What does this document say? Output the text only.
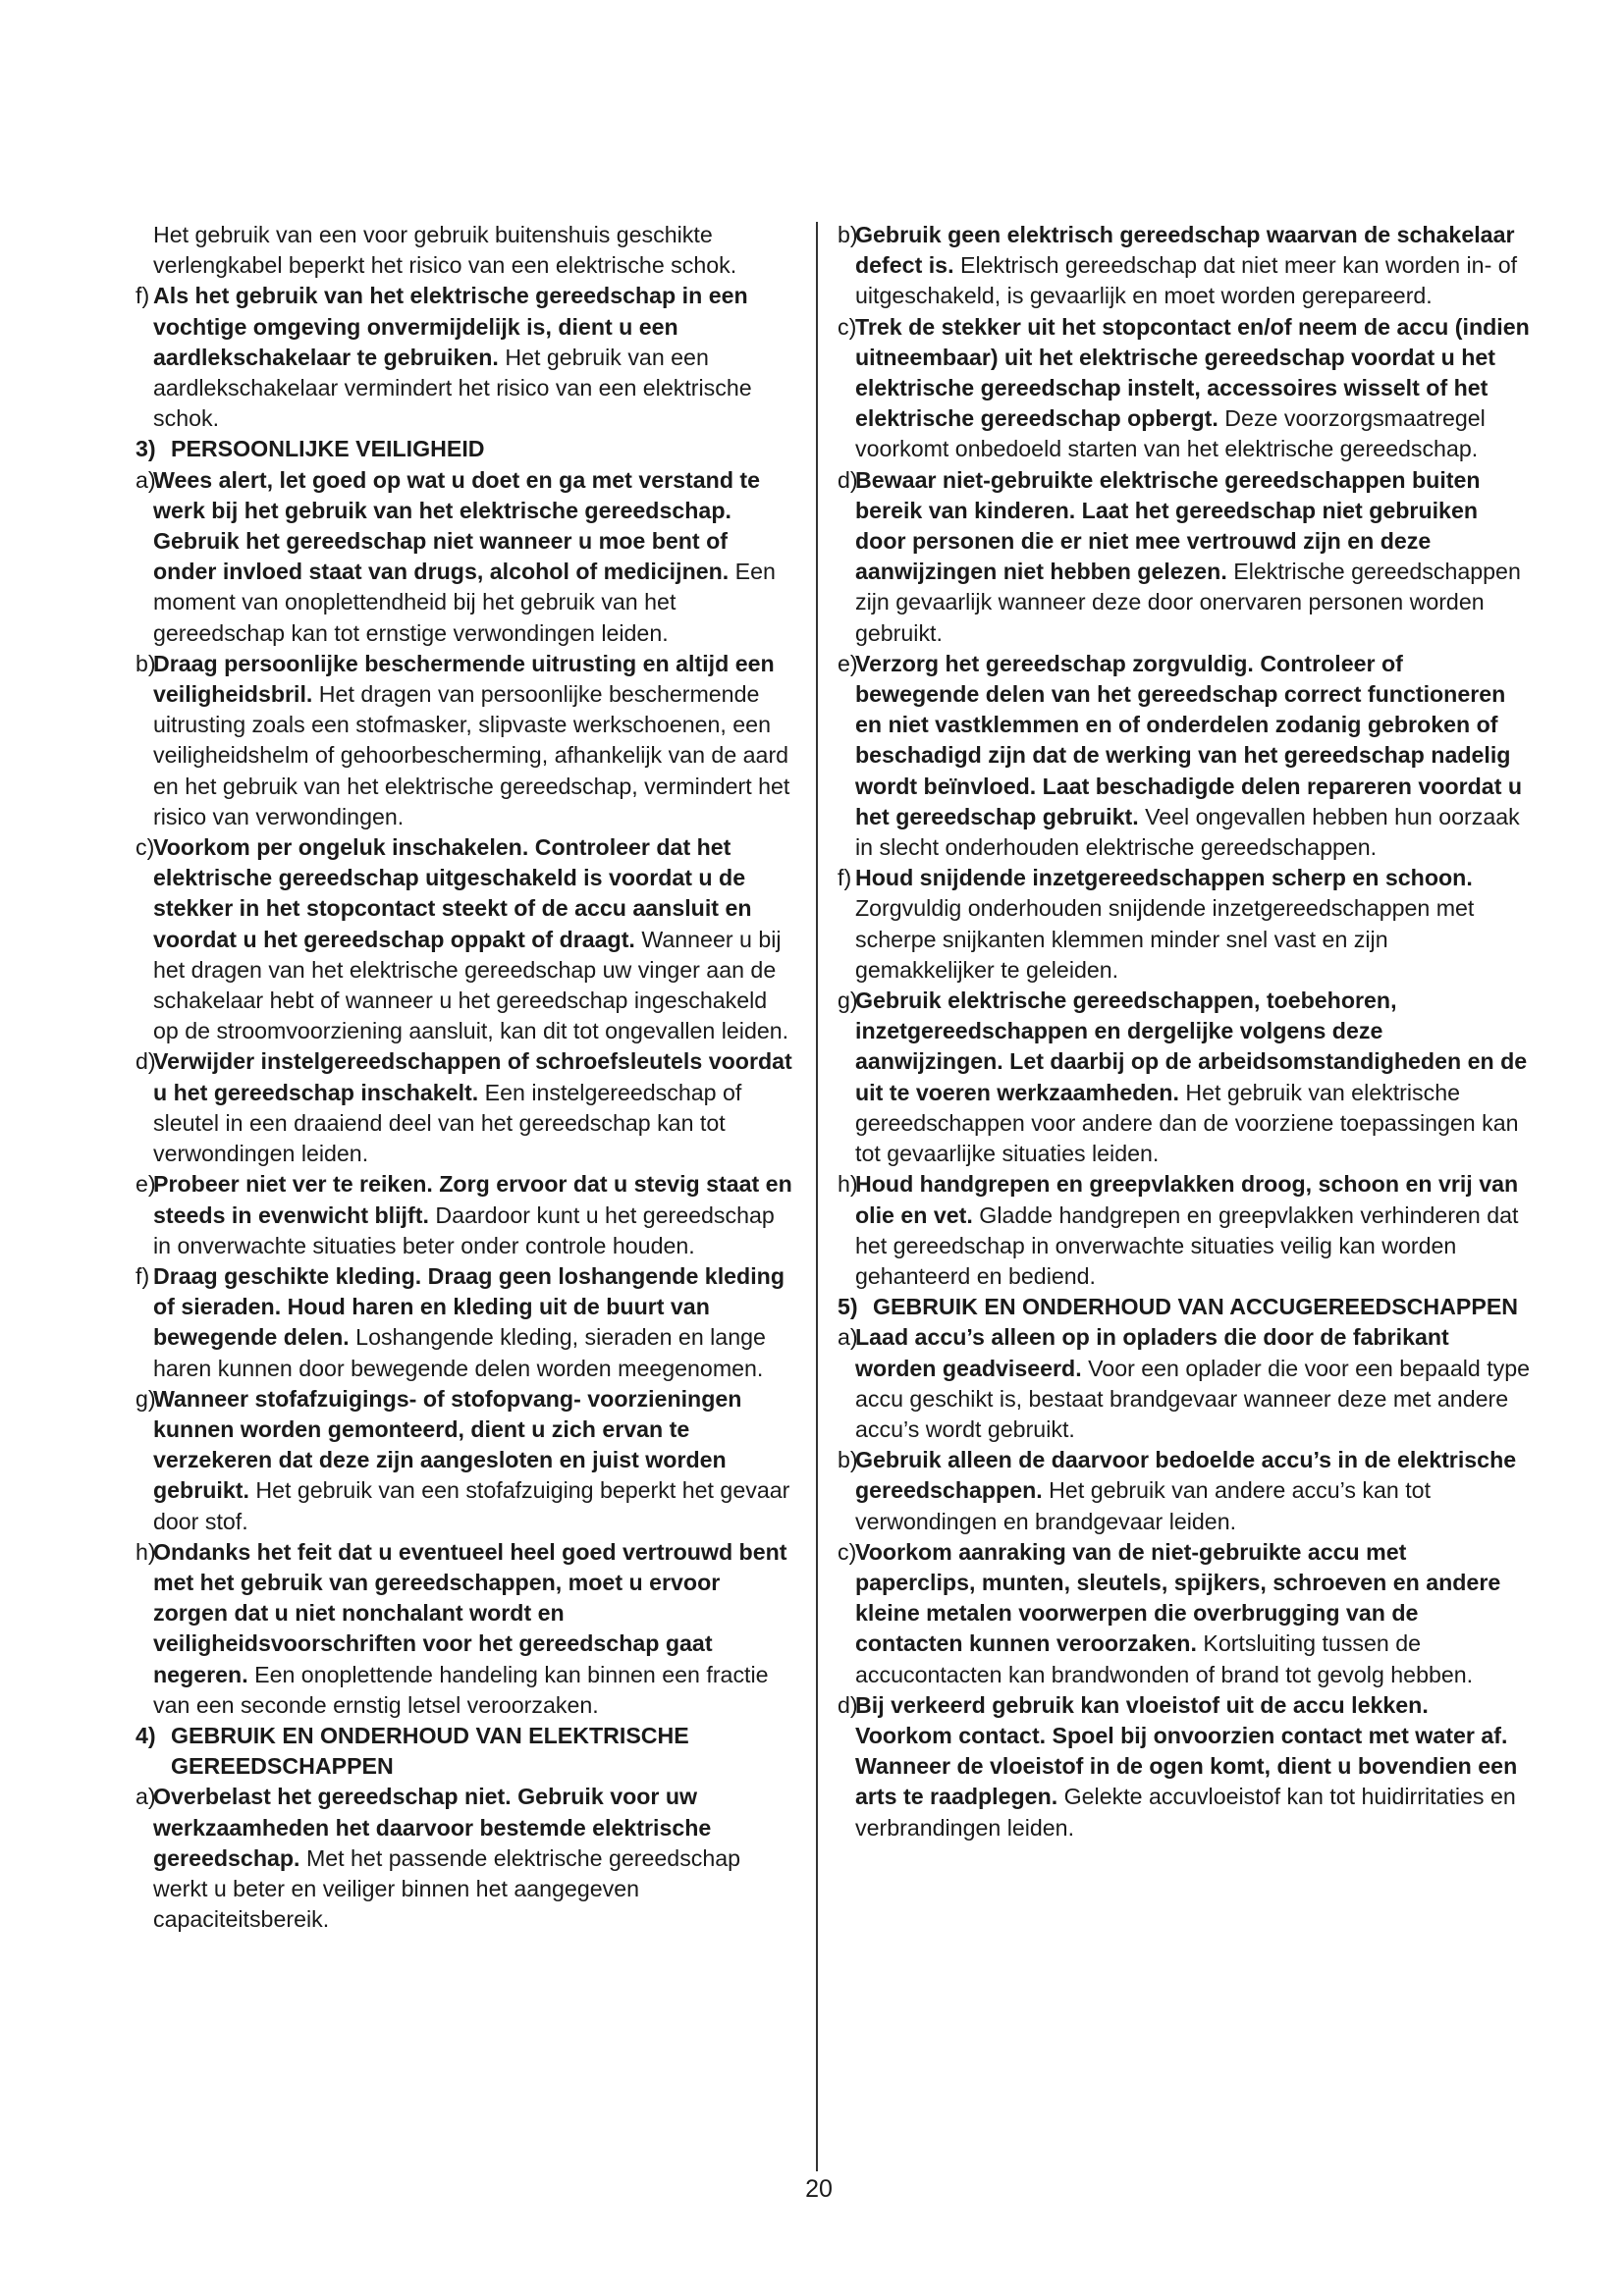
Het gebruik van een voor gebruik buitenshuis geschikte verlengkabel beperkt het risico van een elektrische schok.

f) Als het gebruik van het elektrische gereedschap in een vochtige omgeving onvermijdelijk is, dient u een aardlekschakelaar te gebruiken. Het gebruik van een aardlekschakelaar vermindert het risico van een elektrische schok.
3) PERSOONLIJKE VEILIGHEID
a)
Wees alert, let goed op wat u doet en ga met verstand te werk bij het gebruik van het elektrische gereedschap. Gebruik het gereedschap niet wanneer u moe bent of onder invloed staat van drugs, alcohol of medicijnen. Een moment van onoplettendheid bij het gebruik van het gereedschap kan tot ernstige verwondingen leiden.
b)
Draag persoonlijke beschermende uitrusting en altijd een veiligheidsbril. Het dragen van persoonlijke beschermende uitrusting zoals een stofmasker, slipvaste werkschoenen, een veiligheidshelm of gehoorbescherming, afhankelijk van de aard en het gebruik van het elektrische gereedschap, vermindert het risico van verwondingen.
c)
Voorkom per ongeluk inschakelen. Controleer dat het elektrische gereedschap uitgeschakeld is voordat u de stekker in het stopcontact steekt of de accu aansluit en voordat u het gereedschap oppakt of draagt. Wanneer u bij het dragen van het elektrische gereedschap uw vinger aan de schakelaar hebt of wanneer u het gereedschap ingeschakeld op de stroomvoorziening aansluit, kan dit tot ongevallen leiden.
d)
Verwijder instelgereedschappen of schroefsleutels voordat u het gereedschap inschakelt. Een instelgereedschap of sleutel in een draaiend deel van het gereedschap kan tot verwondingen leiden.
e)
Probeer niet ver te reiken. Zorg ervoor dat u stevig staat en steeds in evenwicht blijft. Daardoor kunt u het gereedschap in onverwachte situaties beter onder controle houden.
f) Draag geschikte kleding. Draag geen loshangende kleding of sieraden. Houd haren en kleding uit de buurt van bewegende delen. Loshangende kleding, sieraden en lange haren kunnen door bewegende delen worden meegenomen.
g)
Wanneer stofafzuigings- of stofopvang- voorzieningen kunnen worden gemonteerd, dient u zich ervan te verzekeren dat deze zijn aangesloten en juist worden gebruikt. Het gebruik van een stofafzuiging beperkt het gevaar door stof.
h)
Ondanks het feit dat u eventueel heel goed vertrouwd bent met het gebruik van gereedschappen, moet u ervoor zorgen dat u niet nonchalant wordt en veiligheidsvoorschriften voor het gereedschap gaat negeren. Een onoplettende handeling kan binnen een fractie van een seconde ernstig letsel veroorzaken.
4) GEBRUIK EN ONDERHOUD VAN ELEKTRISCHE GEREEDSCHAPPEN
a)
Overbelast het gereedschap niet. Gebruik voor uw werkzaamheden het daarvoor bestemde elektrische gereedschap. Met het passende elektrische gereedschap werkt u beter en veiliger binnen het aangegeven capaciteitsbereik.
b)
Gebruik geen elektrisch gereedschap waarvan de schakelaar defect is. Elektrisch gereedschap dat niet meer kan worden in- of uitgeschakeld, is gevaarlijk en moet worden gerepareerd.
c)
Trek de stekker uit het stopcontact en/of neem de accu (indien uitneembaar) uit het elektrische gereedschap voordat u het elektrische gereedschap instelt, accessoires wisselt of het elektrische gereedschap opbergt. Deze voorzorgsmaatregel voorkomt onbedoeld starten van het elektrische gereedschap.
d)
Bewaar niet-gebruikte elektrische gereedschappen buiten bereik van kinderen. Laat het gereedschap niet gebruiken door personen die er niet mee vertrouwd zijn en deze aanwijzingen niet hebben gelezen. Elektrische gereedschappen zijn gevaarlijk wanneer deze door onervaren personen worden gebruikt.
e)
Verzorg het gereedschap zorgvuldig. Controleer of bewegende delen van het gereedschap correct functioneren en niet vastklemmen en of onderdelen zodanig gebroken of beschadigd zijn dat de werking van het gereedschap nadelig wordt beïnvloed. Laat beschadigde delen repareren voordat u het gereedschap gebruikt. Veel ongevallen hebben hun oorzaak in slecht onderhouden elektrische gereedschappen.
f) Houd snijdende inzetgereedschappen scherp en schoon. Zorgvuldig onderhouden snijdende inzetgereedschappen met scherpe snijkanten klemmen minder snel vast en zijn gemakkelijker te geleiden.
g)
Gebruik elektrische gereedschappen, toebehoren, inzetgereedschappen en dergelijke volgens deze aanwijzingen. Let daarbij op de arbeidsomstandigheden en de uit te voeren werkzaamheden. Het gebruik van elektrische gereedschappen voor andere dan de voorziene toepassingen kan tot gevaarlijke situaties leiden.
h)
Houd handgrepen en greepvlakken droog, schoon en vrij van olie en vet. Gladde handgrepen en greepvlakken verhinderen dat het gereedschap in onverwachte situaties veilig kan worden gehanteerd en bediend.
5) GEBRUIK EN ONDERHOUD VAN ACCUGEREEDSCHAPPEN
a)
Laad accu’s alleen op in opladers die door de fabrikant worden geadviseerd. Voor een oplader die voor een bepaald type accu geschikt is, bestaat brandgevaar wanneer deze met andere accu’s wordt gebruikt.
b)
Gebruik alleen de daarvoor bedoelde accu’s in de elektrische gereedschappen. Het gebruik van andere accu’s kan tot verwondingen en brandgevaar leiden.
c)
Voorkom aanraking van de niet-gebruikte accu met paperclips, munten, sleutels, spijkers, schroeven en andere kleine metalen voorwerpen die overbrugging van de contacten kunnen veroorzaken. Kortsluiting tussen de accucontacten kan brandwonden of brand tot gevolg hebben.
d)
Bij verkeerd gebruik kan vloeistof uit de accu lekken. Voorkom contact. Spoel bij onvoorzien contact met water af. Wanneer de vloeistof in de ogen komt, dient u bovendien een arts te raadplegen. Gelekte accuvloeistof kan tot huidirritaties en verbrandingen leiden.
20
